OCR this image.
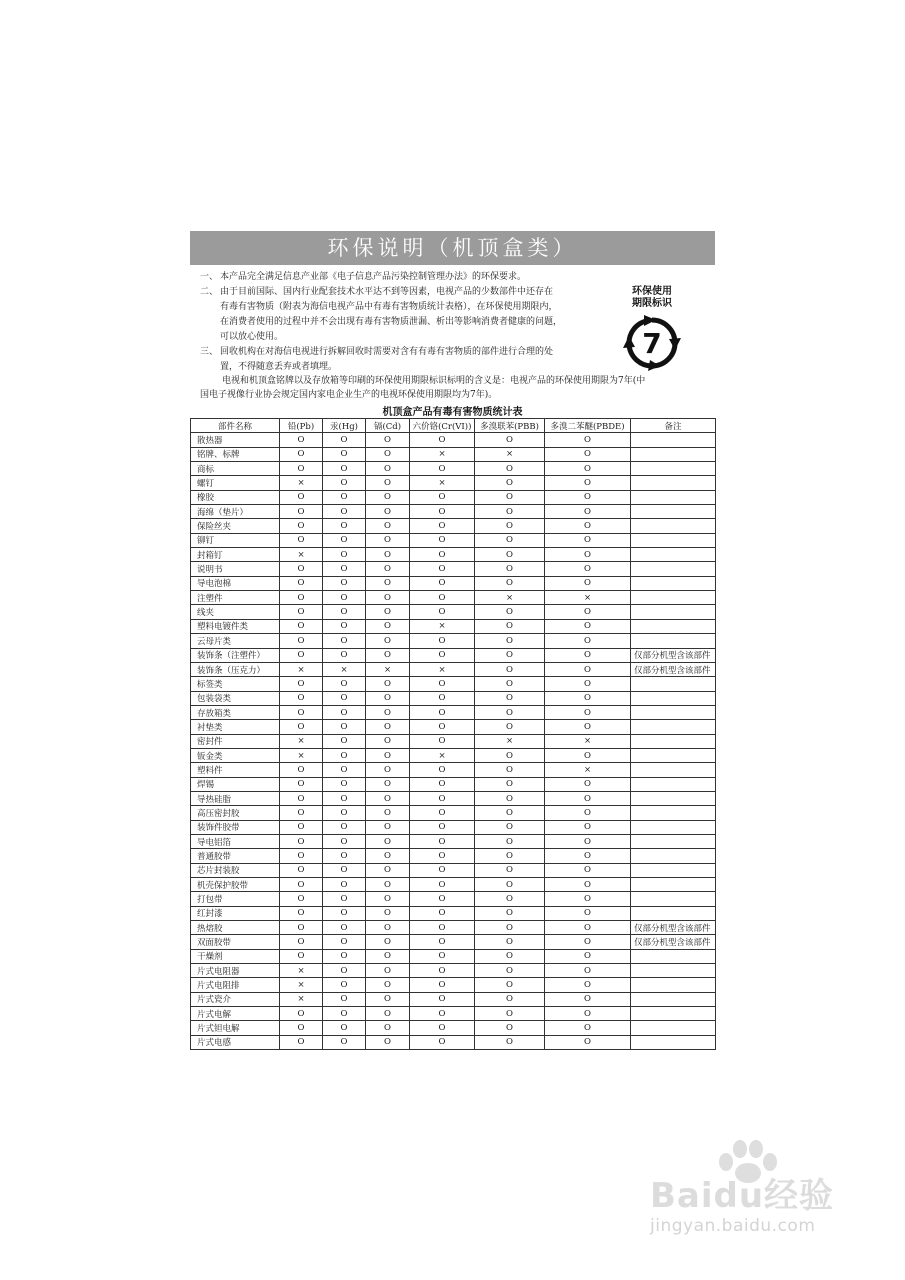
环保说明（机顶盒类）
一、 本产品完全满足信息产业部《电子信息产品污染控制管理办法》的环保要求。
二、 由于目前国际、国内行业配套技术水平达不到等因素，电视产品的少数部件中还存在
有毒有害物质（附表为海信电视产品中有毒有害物质统计表格），在环保使用期限内，
在消费者使用的过程中并不会出现有毒有害物质泄漏、析出等影响消费者健康的问题，
可以放心使用。
三、 回收机构在对海信电视进行拆解回收时需要对含有有毒有害物质的部件进行合理的处
置，不得随意丢弃或者填埋。
电视和机顶盒铭牌以及存放箱等印刷的环保使用期限标识标明的含义是：电视产品的环保使用期限为7年(中
国电子视像行业协会规定国内家电企业生产的电视环保使用期限均为7年)。
环保使用
期限标识
7
机顶盒产品有毒有害物质统计表
部件名称	铅(Pb)	汞(Hg)	镉(Cd)	六价铬(Cr(VI))	多溴联苯(PBB)	多溴二苯醚(PBDE)	备注
散热器	O	O	O	O	O	O	
铭牌、标牌	O	O	O	×	×	O	
商标	O	O	O	O	O	O	
螺钉	×	O	O	×	O	O	
橡胶	O	O	O	O	O	O	
海绵（垫片）	O	O	O	O	O	O	
保险丝夹	O	O	O	O	O	O	
铆钉	O	O	O	O	O	O	
封箱钉	×	O	O	O	O	O	
说明书	O	O	O	O	O	O	
导电泡棉	O	O	O	O	O	O	
注塑件	O	O	O	O	×	×	
线夹	O	O	O	O	O	O	
塑料电镀件类	O	O	O	×	O	O	
云母片类	O	O	O	O	O	O	
装饰条（注塑件）	O	O	O	O	O	O	仅部分机型含该部件
装饰条（压克力）	×	×	×	×	O	O	仅部分机型含该部件
标签类	O	O	O	O	O	O	
包装袋类	O	O	O	O	O	O	
存放箱类	O	O	O	O	O	O	
衬垫类	O	O	O	O	O	O	
密封件	×	O	O	O	×	×	
钣金类	×	O	O	×	O	O	
塑料件	O	O	O	O	O	×	
焊锡	O	O	O	O	O	O	
导热硅脂	O	O	O	O	O	O	
高压密封胶	O	O	O	O	O	O	
装饰件胶带	O	O	O	O	O	O	
导电铝箔	O	O	O	O	O	O	
普通胶带	O	O	O	O	O	O	
芯片封装胶	O	O	O	O	O	O	
机壳保护胶带	O	O	O	O	O	O	
打包带	O	O	O	O	O	O	
红封漆	O	O	O	O	O	O	
热熔胶	O	O	O	O	O	O	仅部分机型含该部件
双面胶带	O	O	O	O	O	O	仅部分机型含该部件
干燥剂	O	O	O	O	O	O	
片式电阻器	×	O	O	O	O	O	
片式电阻排	×	O	O	O	O	O	
片式瓷介	×	O	O	O	O	O	
片式电解	O	O	O	O	O	O	
片式钽电解	O	O	O	O	O	O	
片式电感	O	O	O	O	O	O	
Baidu经验
jingyan.baidu.com
